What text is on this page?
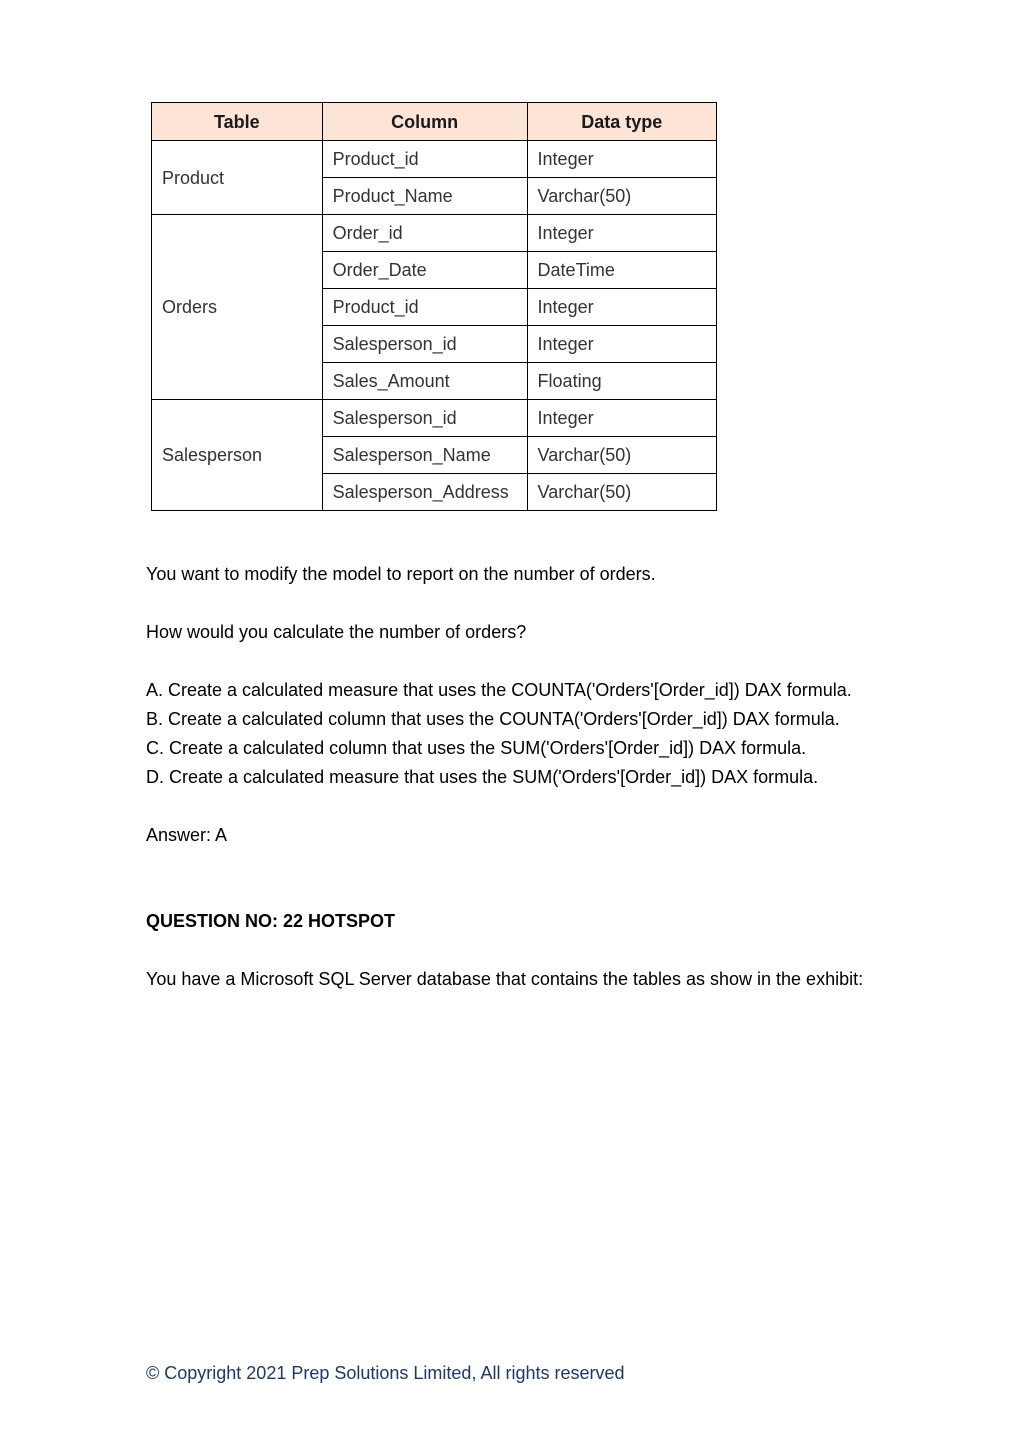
Table	Column	Data type
Product	Product_id	Integer
	Product_Name	Varchar(50)
Orders	Order_id	Integer
	Order_Date	DateTime
	Product_id	Integer
	Salesperson_id	Integer
	Sales_Amount	Floating
Salesperson	Salesperson_id	Integer
	Salesperson_Name	Varchar(50)
	Salesperson_Address	Varchar(50)
You want to modify the model to report on the number of orders.
How would you calculate the number of orders?
A. Create a calculated measure that uses the COUNTA('Orders'[Order_id]) DAX formula.
B. Create a calculated column that uses the COUNTA('Orders'[Order_id]) DAX formula.
C. Create a calculated column that uses the SUM('Orders'[Order_id]) DAX formula.
D. Create a calculated measure that uses the SUM('Orders'[Order_id]) DAX formula.
Answer: A
QUESTION NO: 22 HOTSPOT
You have a Microsoft SQL Server database that contains the tables as show in the exhibit:
© Copyright 2021 Prep Solutions Limited, All rights reserved
